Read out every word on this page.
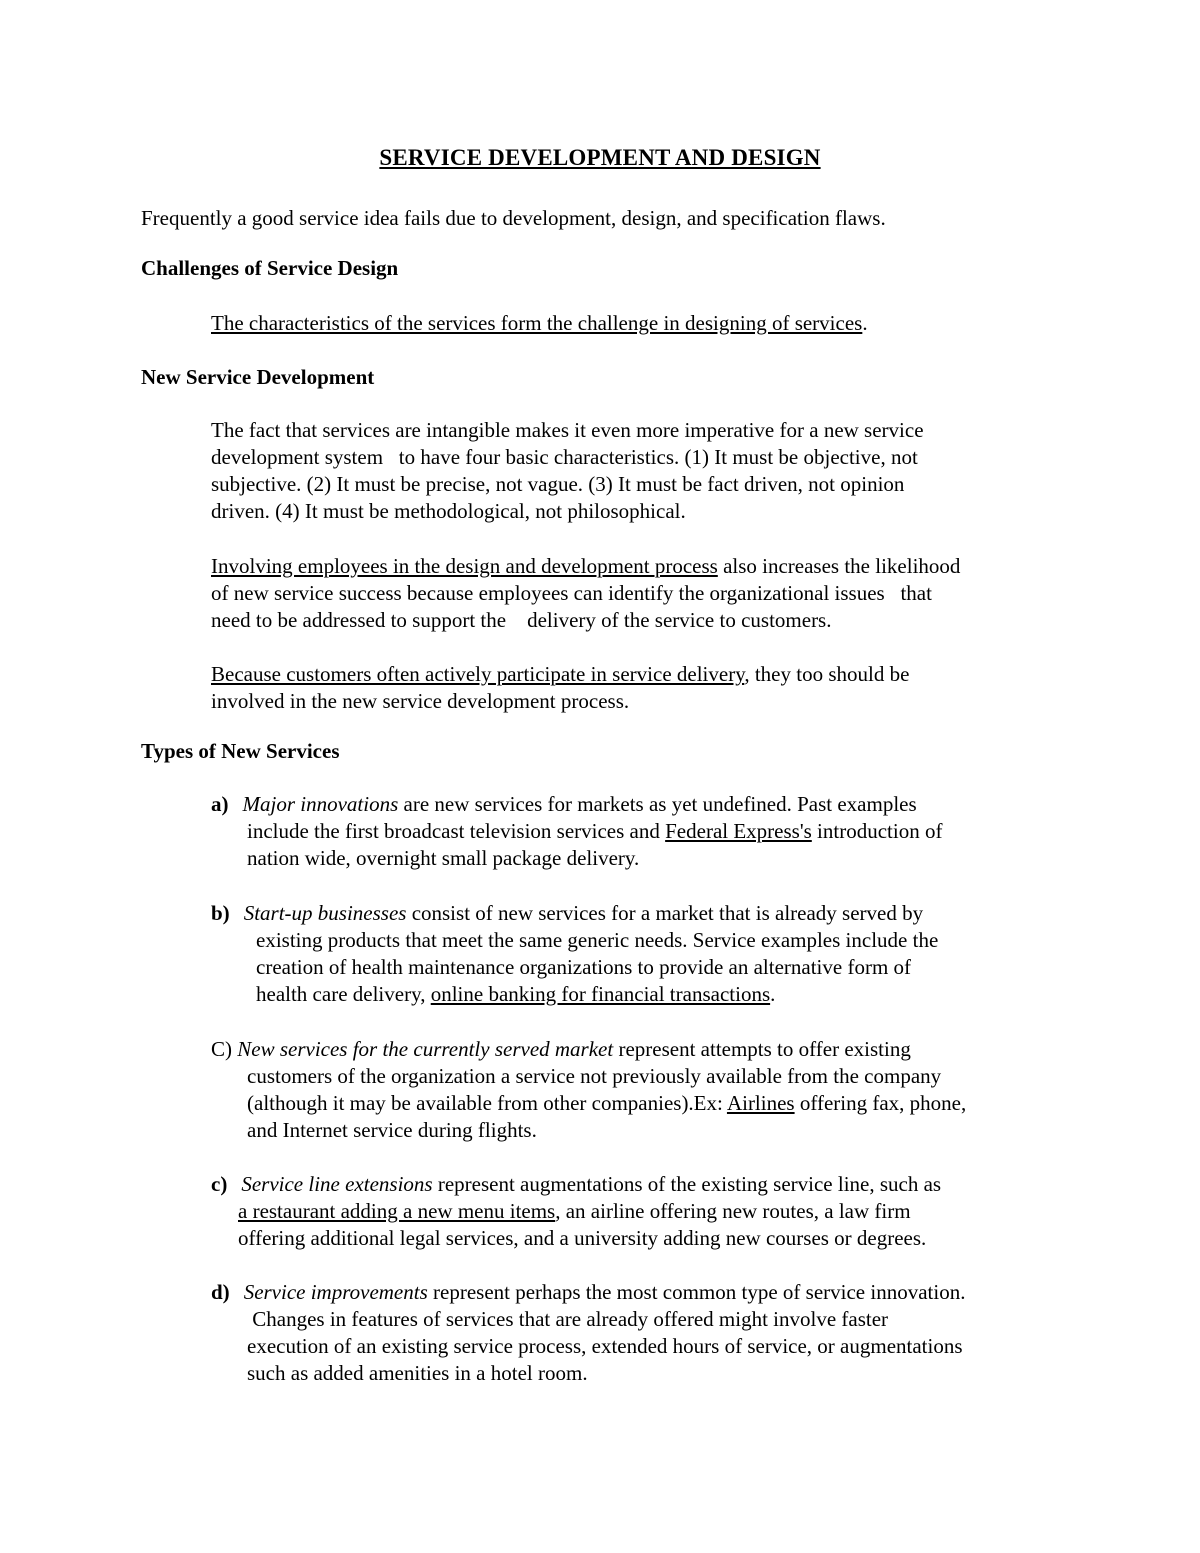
SERVICE DEVELOPMENT AND DESIGN
Frequently a good service idea fails due to development, design, and specification flaws.
Challenges of Service Design
The characteristics of the services form the challenge in designing of services.
New Service Development
The fact that services are intangible makes it even more imperative for a new service
development system   to have four basic characteristics. (1) It must be objective, not
subjective. (2) It must be precise, not vague. (3) It must be fact driven, not opinion
driven. (4) It must be methodological, not philosophical.
Involving employees in the design and development process also increases the likelihood
of new service success because employees can identify the organizational issues   that
need to be addressed to support the    delivery of the service to customers.
Because customers often actively participate in service delivery, they too should be
involved in the new service development process.
Types of New Services
a) Major innovations are new services for markets as yet undefined. Past examples
include the first broadcast television services and Federal Express's introduction of
nation wide, overnight small package delivery.
b) Start-up businesses consist of new services for a market that is already served by
existing products that meet the same generic needs. Service examples include the
creation of health maintenance organizations to provide an alternative form of
health care delivery, online banking for financial transactions.
C) New services for the currently served market represent attempts to offer existing
customers of the organization a service not previously available from the company
(although it may be available from other companies).Ex: Airlines offering fax, phone,
and Internet service during flights.
c) Service line extensions represent augmentations of the existing service line, such as
a restaurant adding a new menu items, an airline offering new routes, a law firm
offering additional legal services, and a university adding new courses or degrees.
d) Service improvements represent perhaps the most common type of service innovation.
Changes in features of services that are already offered might involve faster
execution of an existing service process, extended hours of service, or augmentations
such as added amenities in a hotel room.
